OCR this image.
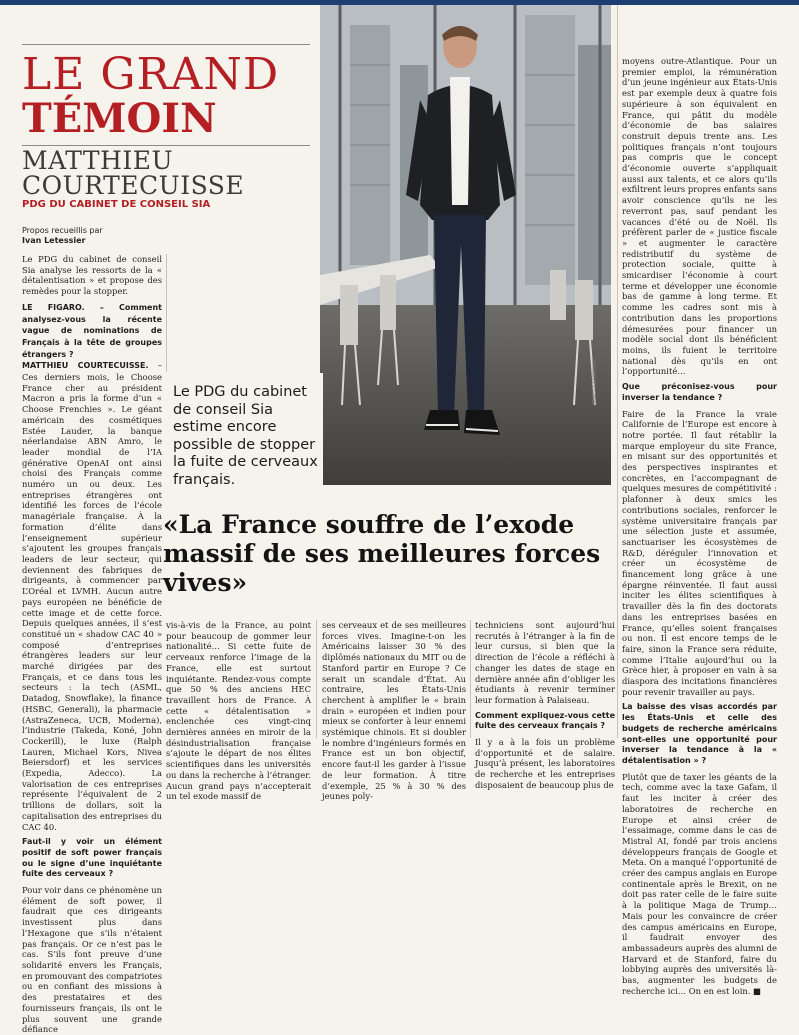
LE GRAND
TÉMOIN
MATTHIEU
COURTECUISSE
PDG DU CABINET DE CONSEIL SIA
Propos recueillis par
Ivan Letessier

Le PDG du cabinet de conseil Sia analyse les ressorts de la « détalentisation » et propose des remèdes pour la stopper.

LE FIGARO. – Comment analysez-vous la récente vague de nominations de Français à la tête de groupes étrangers ?
MATTHIEU COURTECUISSE. – Ces derniers mois, le Choose France cher au président Macron a pris la forme d’un « Choose Frenchies ». Le géant américain des cosmétiques Estée Lauder, la banque néerlandaise ABN Amro, le leader mondial de l’IA générative OpenAI ont ainsi choisi des Français comme numéro un ou deux. Les entreprises étrangères ont identifié les forces de l’école managériale française. À la formation d’élite dans l’enseignement supérieur s’ajoutent les groupes français leaders de leur secteur, qui deviennent des fabriques de dirigeants, à commencer par L’Oréal et LVMH. Aucun autre pays européen ne bénéficie de cette image et de cette force. Depuis quelques années, il s’est constitué un « shadow CAC 40 » composé d’entreprises étrangères leaders sur leur marché dirigées par des Français, et ce dans tous les secteurs : la tech (ASML, Datadog, Snowflake), la finance (HSBC, Generali), la pharmacie (AstraZeneca, UCB, Moderna), l’industrie (Takeda, Koné, John Cockerill), le luxe (Ralph Lauren, Michael Kors, Nivea Beiersdorf) et les services (Expedia, Adecco). La valorisation de ces entreprises représente l’équivalent de 2 trillions de dollars, soit la capitalisation des entreprises du CAC 40.

Faut-il y voir un élément positif de soft power français ou le signe d’une inquiétante fuite des cerveaux ?

Pour voir dans ce phénomène un élément de soft power, il faudrait que ces dirigeants investissent plus dans l’Hexagone que s’ils n’étaient pas français. Or ce n’est pas le cas. S’ils font preuve d’une solidarité envers les Français, en promouvant des compatriotes ou en confiant des missions à des prestataires et des fournisseurs français, ils ont le plus souvent une grande défiance

JAMES LANDESKA
Le PDG du cabinet de conseil Sia estime encore possible de stopper la fuite de cerveaux français.
«La France souffre de l’exode massif de ses meilleures forces vives»

vis-à-vis de la France, au point pour beaucoup de gommer leur nationalité… Si cette fuite de cerveaux renforce l’image de la France, elle est surtout inquiétante. Rendez-vous compte que 50 % des anciens HEC travaillent hors de France. À cette « détalentisation » enclenchée ces vingt-cinq dernières années en miroir de la désindustrialisation française s’ajoute le départ de nos élites scientifiques dans les universités ou dans la recherche à l’étranger. Aucun grand pays n’accepterait un tel exode massif de

ses cerveaux et de ses meilleures forces vives. Imagine-t-on les Américains laisser 30 % des diplômés nationaux du MIT ou de Stanford partir en Europe ? Ce serait un scandale d’État. Au contraire, les États-Unis cherchent à amplifier le « brain drain » européen et indien pour mieux se conforter à leur ennemi systémique chinois. Et si doubler le nombre d’ingénieurs formés en France est un bon objectif, encore faut-il les garder à l’issue de leur formation. À titre d’exemple, 25 % à 30 % des jeunes poly-

techniciens sont aujourd’hui recrutés à l’étranger à la fin de leur cursus, si bien que la direction de l’école a réfléchi à changer les dates de stage en dernière année afin d’obliger les étudiants à revenir terminer leur formation à Palaiseau.

Comment expliquez-vous cette fuite des cerveaux français ?

Il y a à la fois un problème d’opportunité et de salaire. Jusqu’à présent, les laboratoires de recherche et les entreprises disposaient de beaucoup plus de

moyens outre-Atlantique. Pour un premier emploi, la rémunération d’un jeune ingénieur aux États-Unis est par exemple deux à quatre fois supérieure à son équivalent en France, qui pâtit du modèle d’économie de bas salaires construit depuis trente ans. Les politiques français n’ont toujours pas compris que le concept d’économie ouverte s’appliquait aussi aux talents, et ce alors qu’ils exfiltrent leurs propres enfants sans avoir conscience qu’ils ne les reverront pas, sauf pendant les vacances d’été ou de Noël. Ils préfèrent parler de « justice fiscale » et augmenter le caractère redistributif du système de protection sociale, quitte à smicardiser l’économie à court terme et développer une économie bas de gamme à long terme. Et comme les cadres sont mis à contribution dans les proportions démesurées pour financer un modèle social dont ils bénéficient moins, ils fuient le territoire national dès qu’ils en ont l’opportunité…

Que préconisez-vous pour inverser la tendance ?

Faire de la France la vraie Californie de l’Europe est encore à notre portée. Il faut rétablir la marque employeur du site France, en misant sur des opportunités et des perspectives inspirantes et concrètes, en l’accompagnant de quelques mesures de compétitivité : plafonner à deux smics les contributions sociales, renforcer le système universitaire français par une sélection juste et assumée, sanctuariser les écosystèmes de R&D, déréguler l’innovation et créer un écosystème de financement long grâce à une épargne réinventée. Il faut aussi inciter les élites scientifiques à travailler dès la fin des doctorats dans les entreprises basées en France, qu’elles soient françaises ou non. Il est encore temps de le faire, sinon la France sera réduite, comme l’Italie aujourd’hui ou la Grèce hier, à proposer en vain à sa diaspora des incitations financières pour revenir travailler au pays.

La baisse des visas accordés par les États-Unis et celle des budgets de recherche américains sont-elles une opportunité pour inverser la tendance à la « détalentisation » ?

Plutôt que de taxer les géants de la tech, comme avec la taxe Gafam, il faut les inciter à créer des laboratoires de recherche en Europe et ainsi créer de l’essaimage, comme dans le cas de Mistral AI, fondé par trois anciens développeurs français de Google et Meta. On a manqué l’opportunité de créer des campus anglais en Europe continentale après le Brexit, on ne doit pas rater celle de le faire suite à la politique Maga de Trump… Mais pour les convaincre de créer des campus américains en Europe, il faudrait envoyer des ambassadeurs auprès des alumni de Harvard et de Stanford, faire du lobbying auprès des universités là-bas, augmenter les budgets de recherche ici… On en est loin. ■
